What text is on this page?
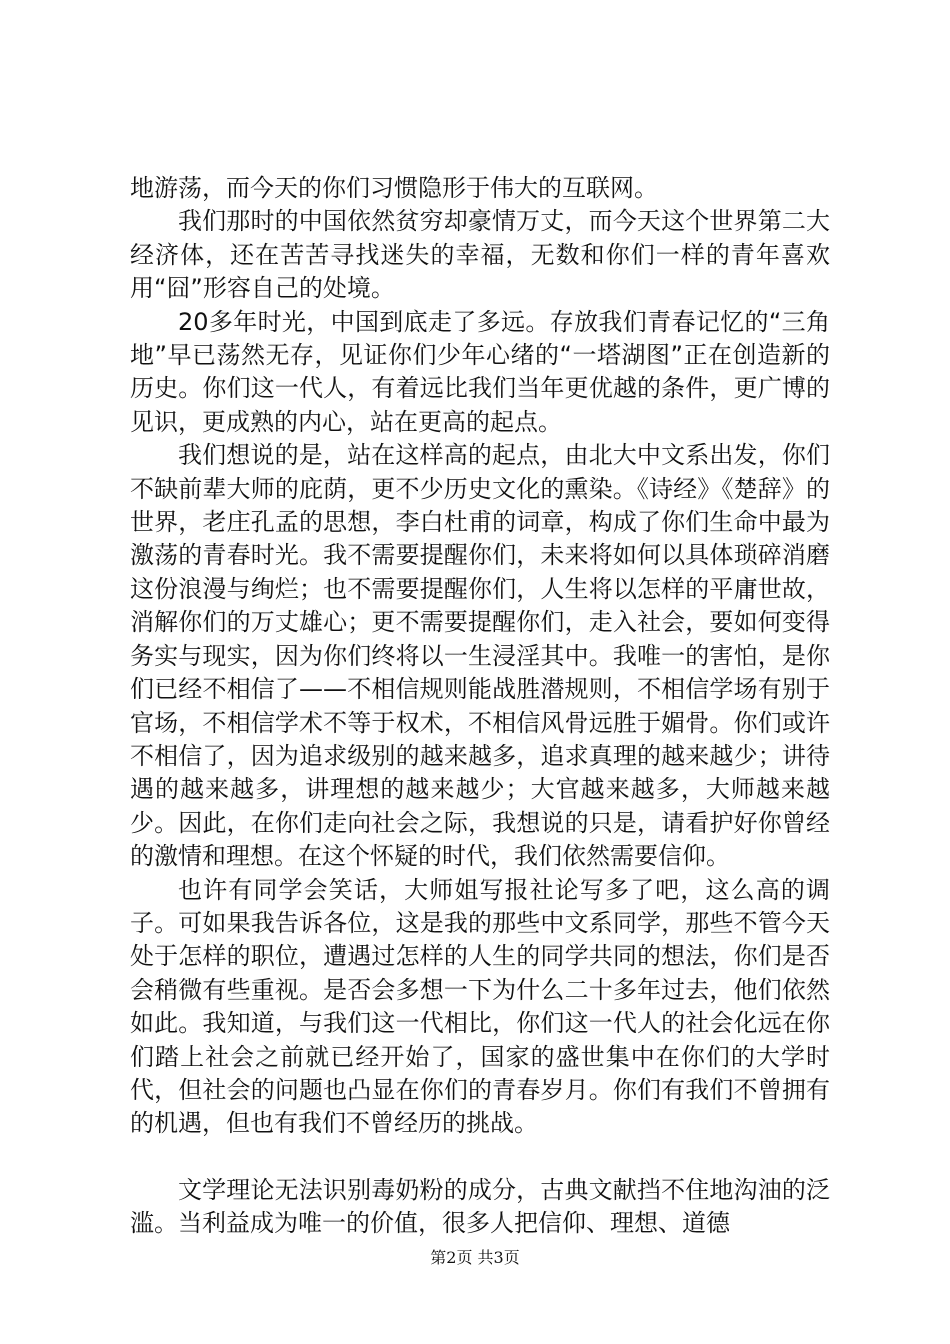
地游荡，而今天的你们习惯隐形于伟大的互联网。

我们那时的中国依然贫穷却豪情万丈，而今天这个世界第二大经济体，还在苦苦寻找迷失的幸福，无数和你们一样的青年喜欢用“囧”形容自己的处境。

20多年时光，中国到底走了多远。存放我们青春记忆的“三角地”早已荡然无存，见证你们少年心绪的“一塔湖图”正在创造新的历史。你们这一代人，有着远比我们当年更优越的条件，更广博的见识，更成熟的内心，站在更高的起点。

我们想说的是，站在这样高的起点，由北大中文系出发，你们不缺前辈大师的庇荫，更不少历史文化的熏染。《诗经》《楚辞》的世界，老庄孔孟的思想，李白杜甫的词章，构成了你们生命中最为激荡的青春时光。我不需要提醒你们，未来将如何以具体琐碎消磨这份浪漫与绚烂；也不需要提醒你们，人生将以怎样的平庸世故，消解你们的万丈雄心；更不需要提醒你们，走入社会，要如何变得务实与现实，因为你们终将以一生浸淫其中。我唯一的害怕，是你们已经不相信了——不相信规则能战胜潜规则，不相信学场有别于官场，不相信学术不等于权术，不相信风骨远胜于媚骨。你们或许不相信了，因为追求级别的越来越多，追求真理的越来越少；讲待遇的越来越多，讲理想的越来越少；大官越来越多，大师越来越少。因此，在你们走向社会之际，我想说的只是，请看护好你曾经的激情和理想。在这个怀疑的时代，我们依然需要信仰。

也许有同学会笑话，大师姐写报社论写多了吧，这么高的调子。可如果我告诉各位，这是我的那些中文系同学，那些不管今天处于怎样的职位，遭遇过怎样的人生的同学共同的想法，你们是否会稍微有些重视。是否会多想一下为什么二十多年过去，他们依然如此。我知道，与我们这一代相比，你们这一代人的社会化远在你们踏上社会之前就已经开始了，国家的盛世集中在你们的大学时代，但社会的问题也凸显在你们的青春岁月。你们有我们不曾拥有的机遇，但也有我们不曾经历的挑战。

文学理论无法识别毒奶粉的成分，古典文献挡不住地沟油的泛滥。当利益成为唯一的价值，很多人把信仰、理想、道德

第2页 共3页
